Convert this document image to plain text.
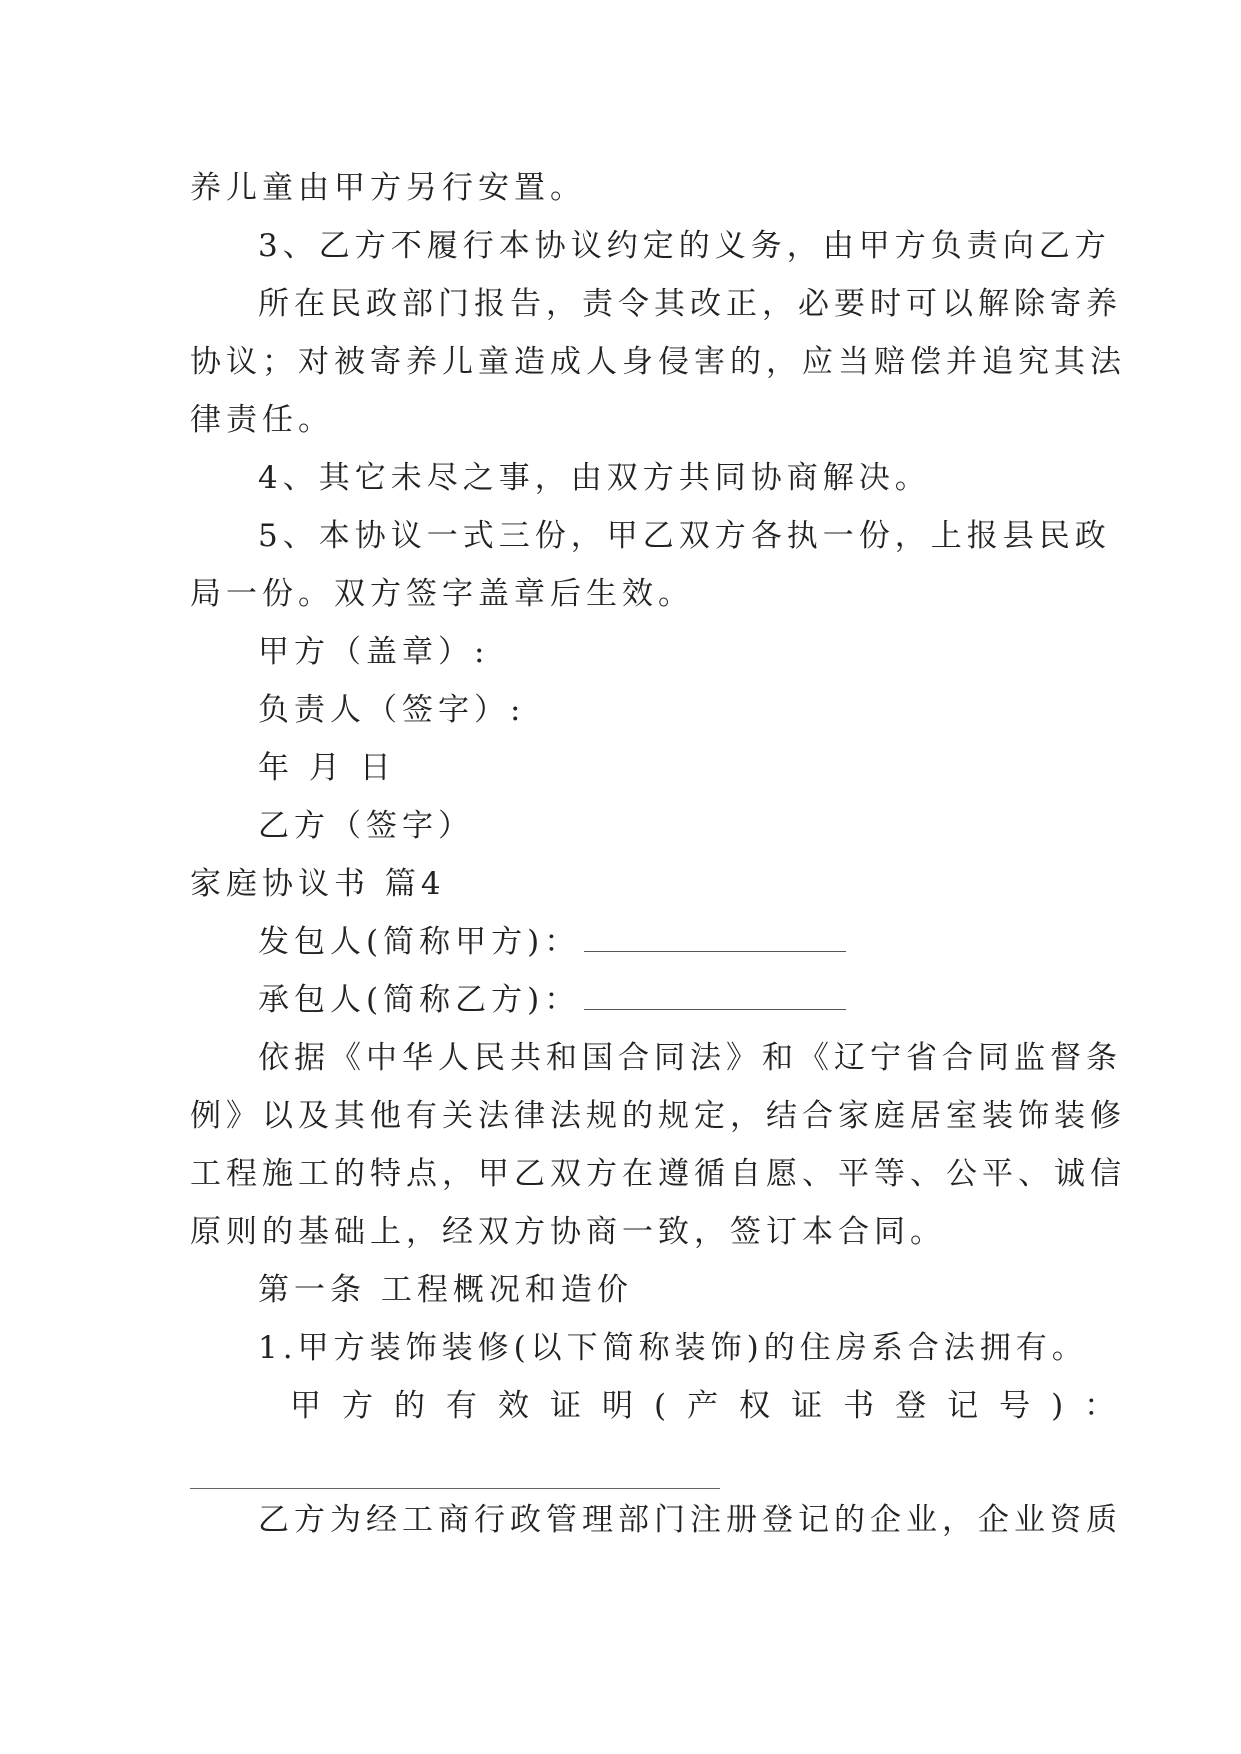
养儿童由甲方另行安置。
3、乙方不履行本协议约定的义务，由甲方负责向乙方
所在民政部门报告，责令其改正，必要时可以解除寄养
协议；对被寄养儿童造成人身侵害的，应当赔偿并追究其法
律责任。
4、其它未尽之事，由双方共同协商解决。
5、本协议一式三份，甲乙双方各执一份，上报县民政
局一份。双方签字盖章后生效。
甲方（盖章）:
负责人（签字）:
年 月 日
乙方（签字）
家庭协议书 篇4
发包人(简称甲方)：
承包人(简称乙方)：
依据《中华人民共和国合同法》和《辽宁省合同监督条
例》以及其他有关法律法规的规定，结合家庭居室装饰装修
工程施工的特点，甲乙双方在遵循自愿、平等、公平、诚信
原则的基础上，经双方协商一致，签订本合同。
第一条 工程概况和造价
1.甲方装饰装修(以下简称装饰)的住房系合法拥有。
甲方的有效证明(产权证书登记号)：
乙方为经工商行政管理部门注册登记的企业，企业资质
